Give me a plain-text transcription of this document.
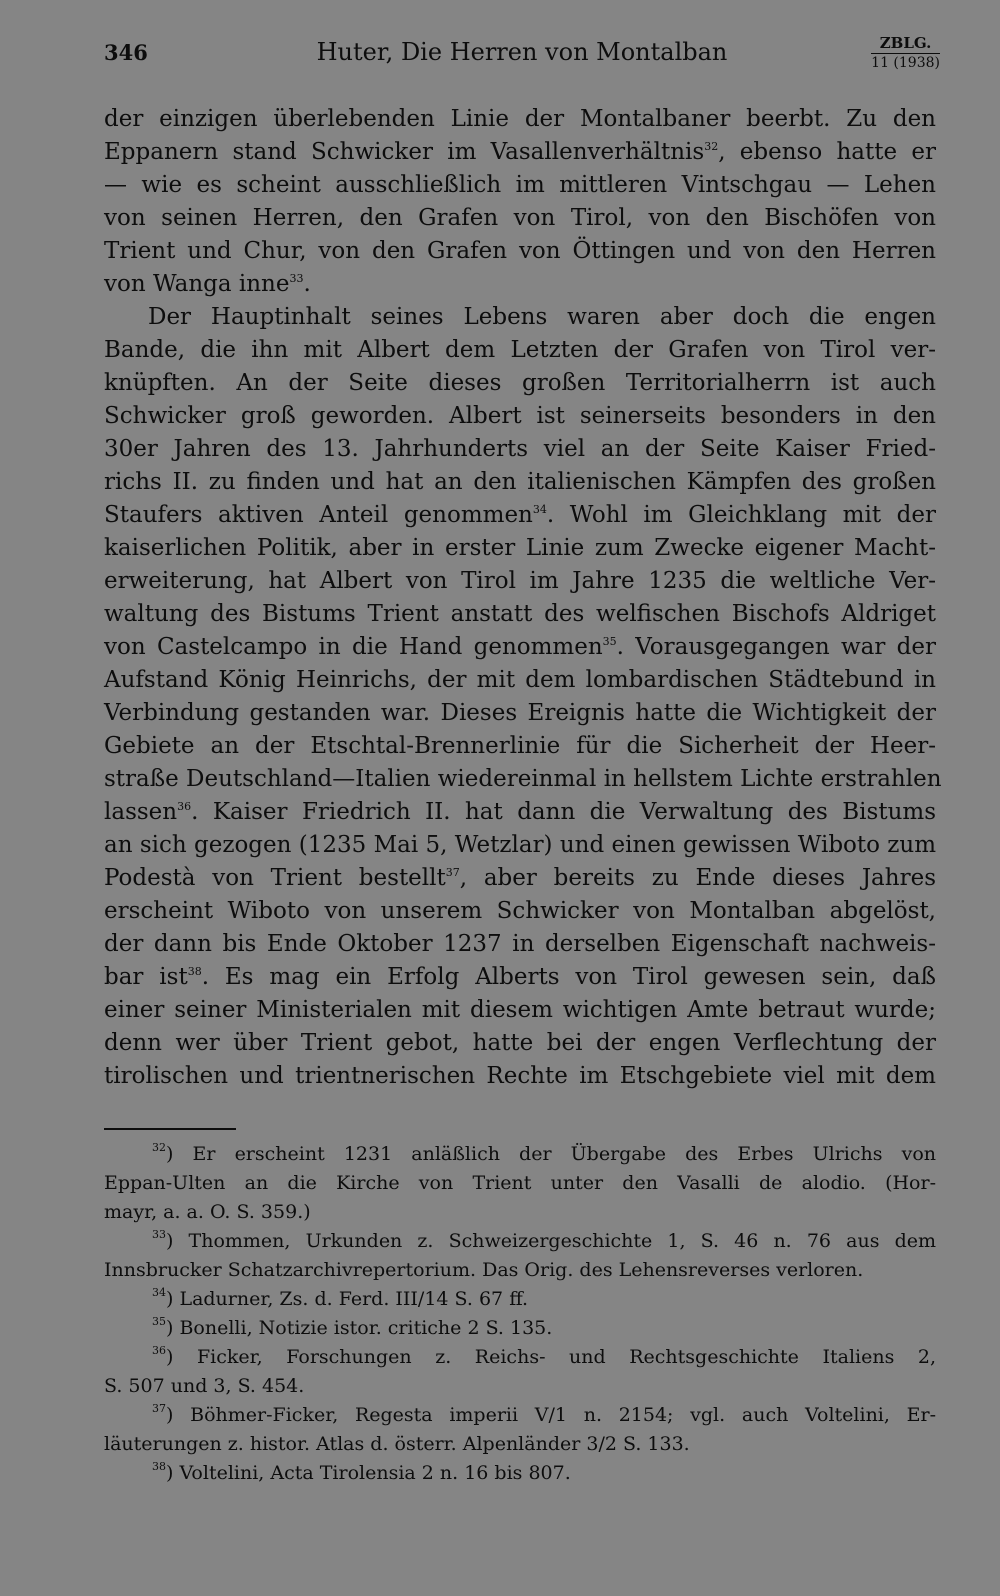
346	Huter, Die Herren von Montalban	ZBLG.
11 (1938)
der einzigen überlebenden Linie der Montalbaner beerbt. Zu den
Eppanern stand Schwicker im Vasallenverhältnis$^{32}$, ebenso hatte er
— wie es scheint ausschließlich im mittleren Vintschgau — Lehen
von seinen Herren, den Grafen von Tirol, von den Bischöfen von
Trient und Chur, von den Grafen von Öttingen und von den Herren
von Wanga inne$^{33}$.
Der Hauptinhalt seines Lebens waren aber doch die engen
Bande, die ihn mit Albert dem Letzten der Grafen von Tirol ver-
knüpften. An der Seite dieses großen Territorialherrn ist auch
Schwicker groß geworden. Albert ist seinerseits besonders in den
30er Jahren des 13. Jahrhunderts viel an der Seite Kaiser Fried-
richs II. zu finden und hat an den italienischen Kämpfen des großen
Staufers aktiven Anteil genommen$^{34}$. Wohl im Gleichklang mit der
kaiserlichen Politik, aber in erster Linie zum Zwecke eigener Macht-
erweiterung, hat Albert von Tirol im Jahre 1235 die weltliche Ver-
waltung des Bistums Trient anstatt des welfischen Bischofs Aldriget
von Castelcampo in die Hand genommen$^{35}$. Vorausgegangen war der
Aufstand König Heinrichs, der mit dem lombardischen Städtebund in
Verbindung gestanden war. Dieses Ereignis hatte die Wichtigkeit der
Gebiete an der Etschtal-Brennerlinie für die Sicherheit der Heer-
straße Deutschland—Italien wiedereinmal in hellstem Lichte erstrahlen
lassen$^{36}$. Kaiser Friedrich II. hat dann die Verwaltung des Bistums
an sich gezogen (1235 Mai 5, Wetzlar) und einen gewissen Wiboto zum
Podestà von Trient bestellt$^{37}$, aber bereits zu Ende dieses Jahres
erscheint Wiboto von unserem Schwicker von Montalban abgelöst,
der dann bis Ende Oktober 1237 in derselben Eigenschaft nachweis-
bar ist$^{38}$. Es mag ein Erfolg Alberts von Tirol gewesen sein, daß
einer seiner Ministerialen mit diesem wichtigen Amte betraut wurde;
denn wer über Trient gebot, hatte bei der engen Verflechtung der
tirolischen und trientnerischen Rechte im Etschgebiete viel mit dem
$^{32}$) Er erscheint 1231 anläßlich der Übergabe des Erbes Ulrichs von
Eppan-Ulten an die Kirche von Trient unter den Vasalli de alodio. (Hor-
mayr, a. a. O. S. 359.)
$^{33}$) Thommen, Urkunden z. Schweizergeschichte 1, S. 46 n. 76 aus dem
Innsbrucker Schatzarchivrepertorium. Das Orig. des Lehensreverses verloren.
$^{34}$) Ladurner, Zs. d. Ferd. III/14 S. 67 ff.
$^{35}$) Bonelli, Notizie istor. critiche 2 S. 135.
$^{36}$) Ficker, Forschungen z. Reichs- und Rechtsgeschichte Italiens 2,
S. 507 und 3, S. 454.
$^{37}$) Böhmer-Ficker, Regesta imperii V/1 n. 2154; vgl. auch Voltelini, Er-
läuterungen z. histor. Atlas d. österr. Alpenländer 3/2 S. 133.
$^{38}$) Voltelini, Acta Tirolensia 2 n. 16 bis 807.
